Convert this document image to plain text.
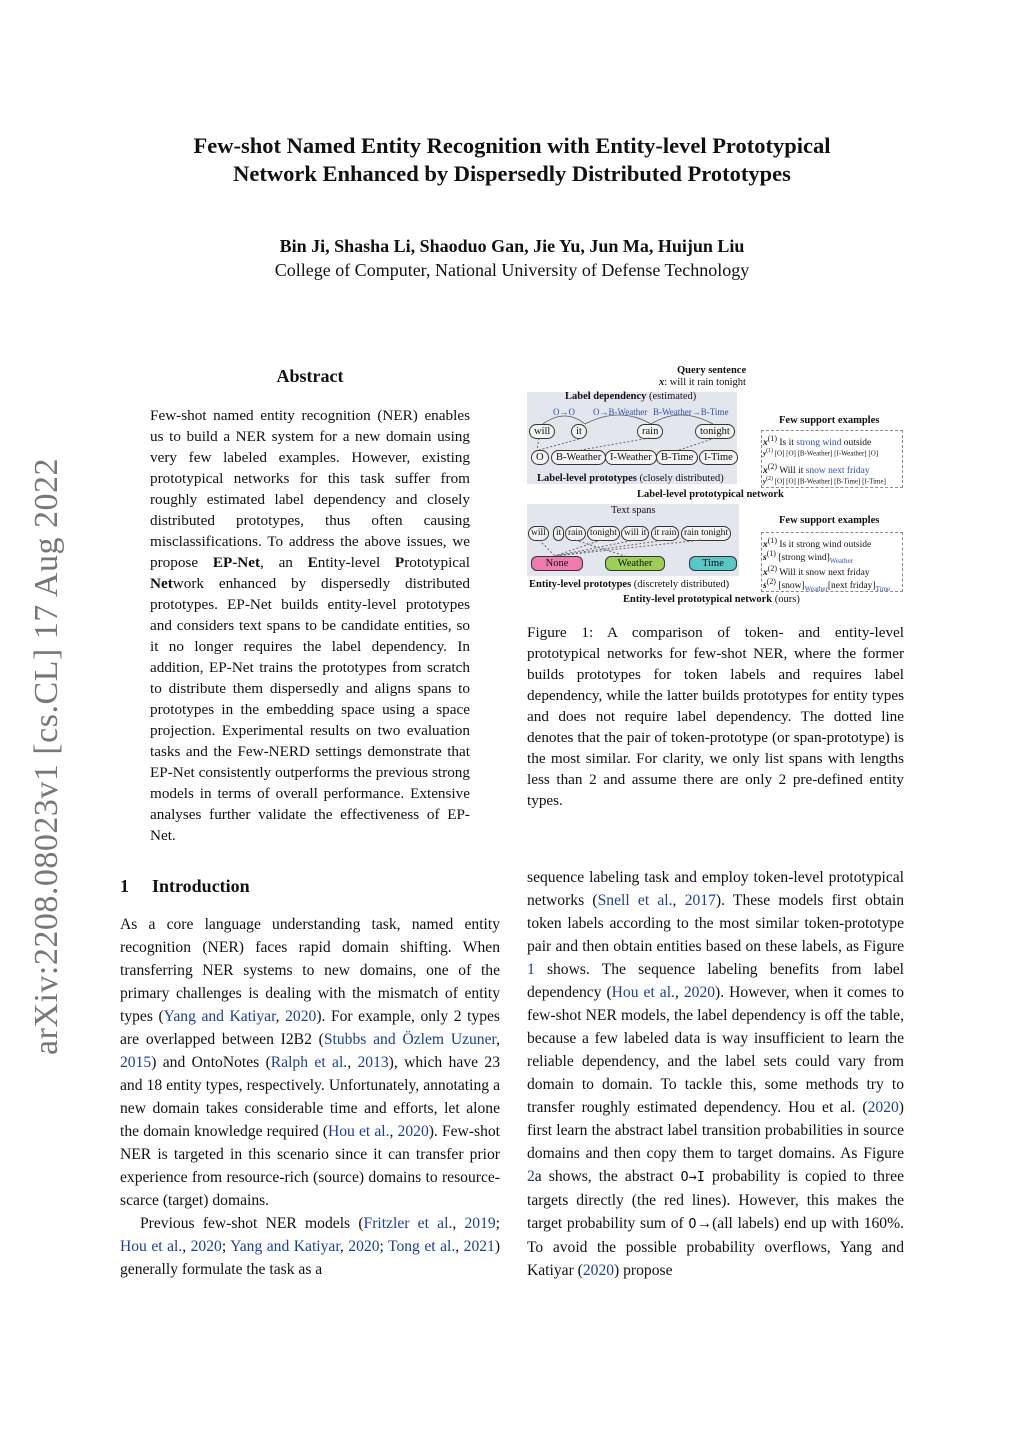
Few-shot Named Entity Recognition with Entity-level Prototypical
Network Enhanced by Dispersedly Distributed Prototypes
Bin Ji, Shasha Li, Shaoduo Gan, Jie Yu, Jun Ma, Huijun Liu
College of Computer, National University of Defense Technology
arXiv:2208.08023v1 [cs.CL] 17 Aug 2022
Abstract
Few-shot named entity recognition (NER) enables us to build a NER system for a new domain using very few labeled examples. However, existing prototypical networks for this task suffer from roughly estimated label dependency and closely distributed prototypes, thus often causing misclassifications. To address the above issues, we propose EP-Net, an Entity-level Prototypical Network enhanced by dispersedly distributed prototypes. EP-Net builds entity-level prototypes and considers text spans to be candidate entities, so it no longer requires the label dependency. In addition, EP-Net trains the prototypes from scratch to distribute them dispersedly and aligns spans to prototypes in the embedding space using a space projection. Experimental results on two evaluation tasks and the Few-NERD settings demonstrate that EP-Net consistently outperforms the previous strong models in terms of overall performance. Extensive analyses further validate the effectiveness of EP-Net.
1 Introduction

As a core language understanding task, named entity recognition (NER) faces rapid domain shifting. When transferring NER systems to new domains, one of the primary challenges is dealing with the mismatch of entity types (Yang and Katiyar, 2020). For example, only 2 types are overlapped between I2B2 (Stubbs and Özlem Uzuner, 2015) and OntoNotes (Ralph et al., 2013), which have 23 and 18 entity types, respectively. Unfortunately, annotating a new domain takes considerable time and efforts, let alone the domain knowledge required (Hou et al., 2020). Few-shot NER is targeted in this scenario since it can transfer prior experience from resource-rich (source) domains to resource-scarce (target) domains.

Previous few-shot NER models (Fritzler et al., 2019; Hou et al., 2020; Yang and Katiyar, 2020; Tong et al., 2021) generally formulate the task as a

sequence labeling task and employ token-level prototypical networks (Snell et al., 2017). These models first obtain token labels according to the most similar token-prototype pair and then obtain entities based on these labels, as Figure 1 shows. The sequence labeling benefits from label dependency (Hou et al., 2020). However, when it comes to few-shot NER models, the label dependency is off the table, because a few labeled data is way insufficient to learn the reliable dependency, and the label sets could vary from domain to domain. To tackle this, some methods try to transfer roughly estimated dependency. Hou et al. (2020) first learn the abstract label transition probabilities in source domains and then copy them to target domains. As Figure 2a shows, the abstract O→I probability is copied to three targets directly (the red lines). However, this makes the target probability sum of O→(all labels) end up with 160%. To avoid the possible probability overflows, Yang and Katiyar (2020) propose
Query sentence
x: will it rain tonight
Label dependency (estimated)
O→O O→B-Weather B-Weather→B-Time
will	it	rain	tonight
O	B-Weather I-Weather B-Time	I-Time
Label-level prototypes (closely distributed)
Label-level prototypical network
Few support examples
$x^{(1)}$ Is it strong wind outside
$y^{(1)}$ [O] [O] [B-Weather] [I-Weather] [O]
$x^{(2)}$ Will it snow next friday
$y^{(2)}$ [O] [O] [B-Weather] [B-Time] [I-Time]
Text spans
will	it rain tonight will it it rain rain tonight
None	Weather	Time
Entity-level prototypes (discretely distributed)
Entity-level prototypical network (ours)
Few support examples
$x^{(1)}$ Is it strong wind outside
$s^{(1)}$ [strong $wind]_{Weather}$
$x^{(2)}$ Will it snow next friday
$s^{(2)}$ $[snow]_{Weather}[next$ $friday]_{Time}$
Figure 1: A comparison of token- and entity-level prototypical networks for few-shot NER, where the former builds prototypes for token labels and requires label dependency, while the latter builds prototypes for entity types and does not require label dependency. The dotted line denotes that the pair of token-prototype (or span-prototype) is the most similar. For clarity, we only list spans with lengths less than 2 and assume there are only 2 pre-defined entity types.
